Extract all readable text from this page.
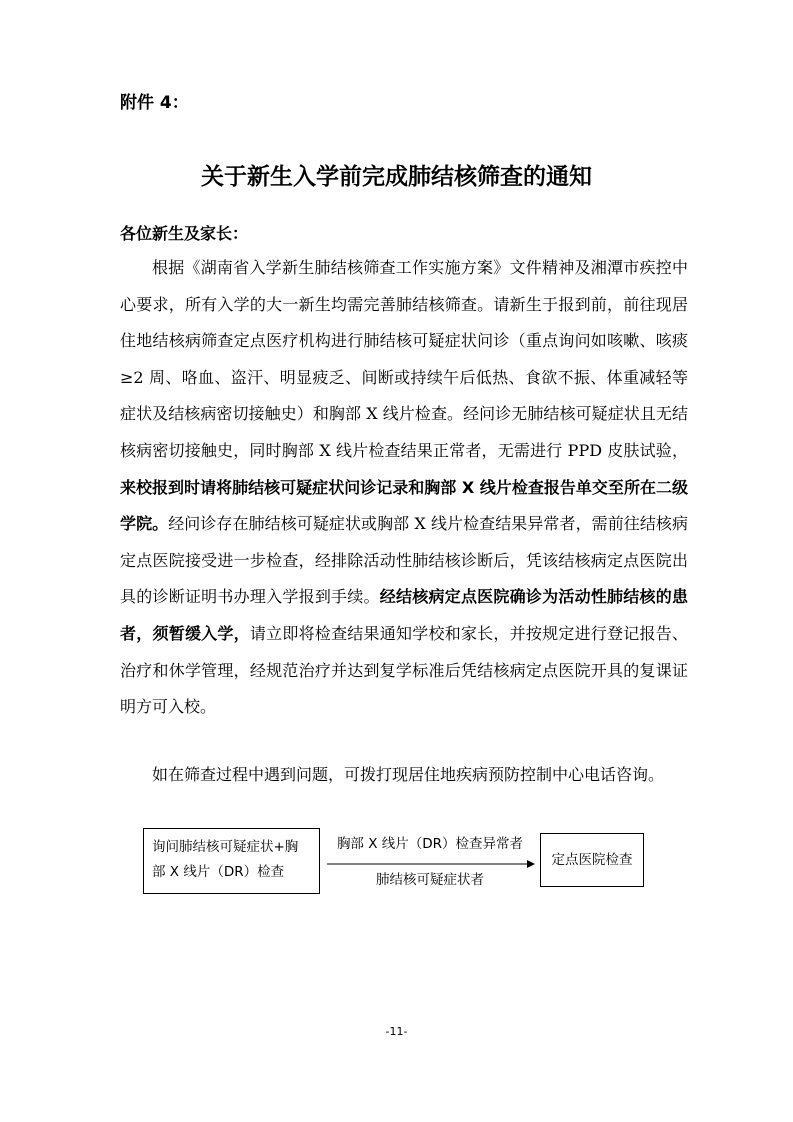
附件 4：
关于新生入学前完成肺结核筛查的通知
各位新生及家长：

根据《湖南省入学新生肺结核筛查工作实施方案》文件精神及湘潭市疾控中心要求，所有入学的大一新生均需完善肺结核筛查。请新生于报到前，前往现居住地结核病筛查定点医疗机构进行肺结核可疑症状问诊（重点询问如咳嗽、咳痰≥2 周、咯血、盗汗、明显疲乏、间断或持续午后低热、食欲不振、体重减轻等症状及结核病密切接触史）和胸部 X 线片检查。经问诊无肺结核可疑症状且无结核病密切接触史，同时胸部 X 线片检查结果正常者，无需进行 PPD 皮肤试验，来校报到时请将肺结核可疑症状问诊记录和胸部 X 线片检查报告单交至所在二级学院。经问诊存在肺结核可疑症状或胸部 X 线片检查结果异常者，需前往结核病定点医院接受进一步检查，经排除活动性肺结核诊断后，凭该结核病定点医院出具的诊断证明书办理入学报到手续。经结核病定点医院确诊为活动性肺结核的患者，须暂缓入学，请立即将检查结果通知学校和家长，并按规定进行登记报告、治疗和休学管理，经规范治疗并达到复学标准后凭结核病定点医院开具的复课证明方可入校。

如在筛查过程中遇到问题，可拨打现居住地疾病预防控制中心电话咨询。

询问肺结核可疑症状+胸部 X 线片（DR）检查
胸部 X 线片（DR）检查异常者
肺结核可疑症状者
定点医院检查
-11-
